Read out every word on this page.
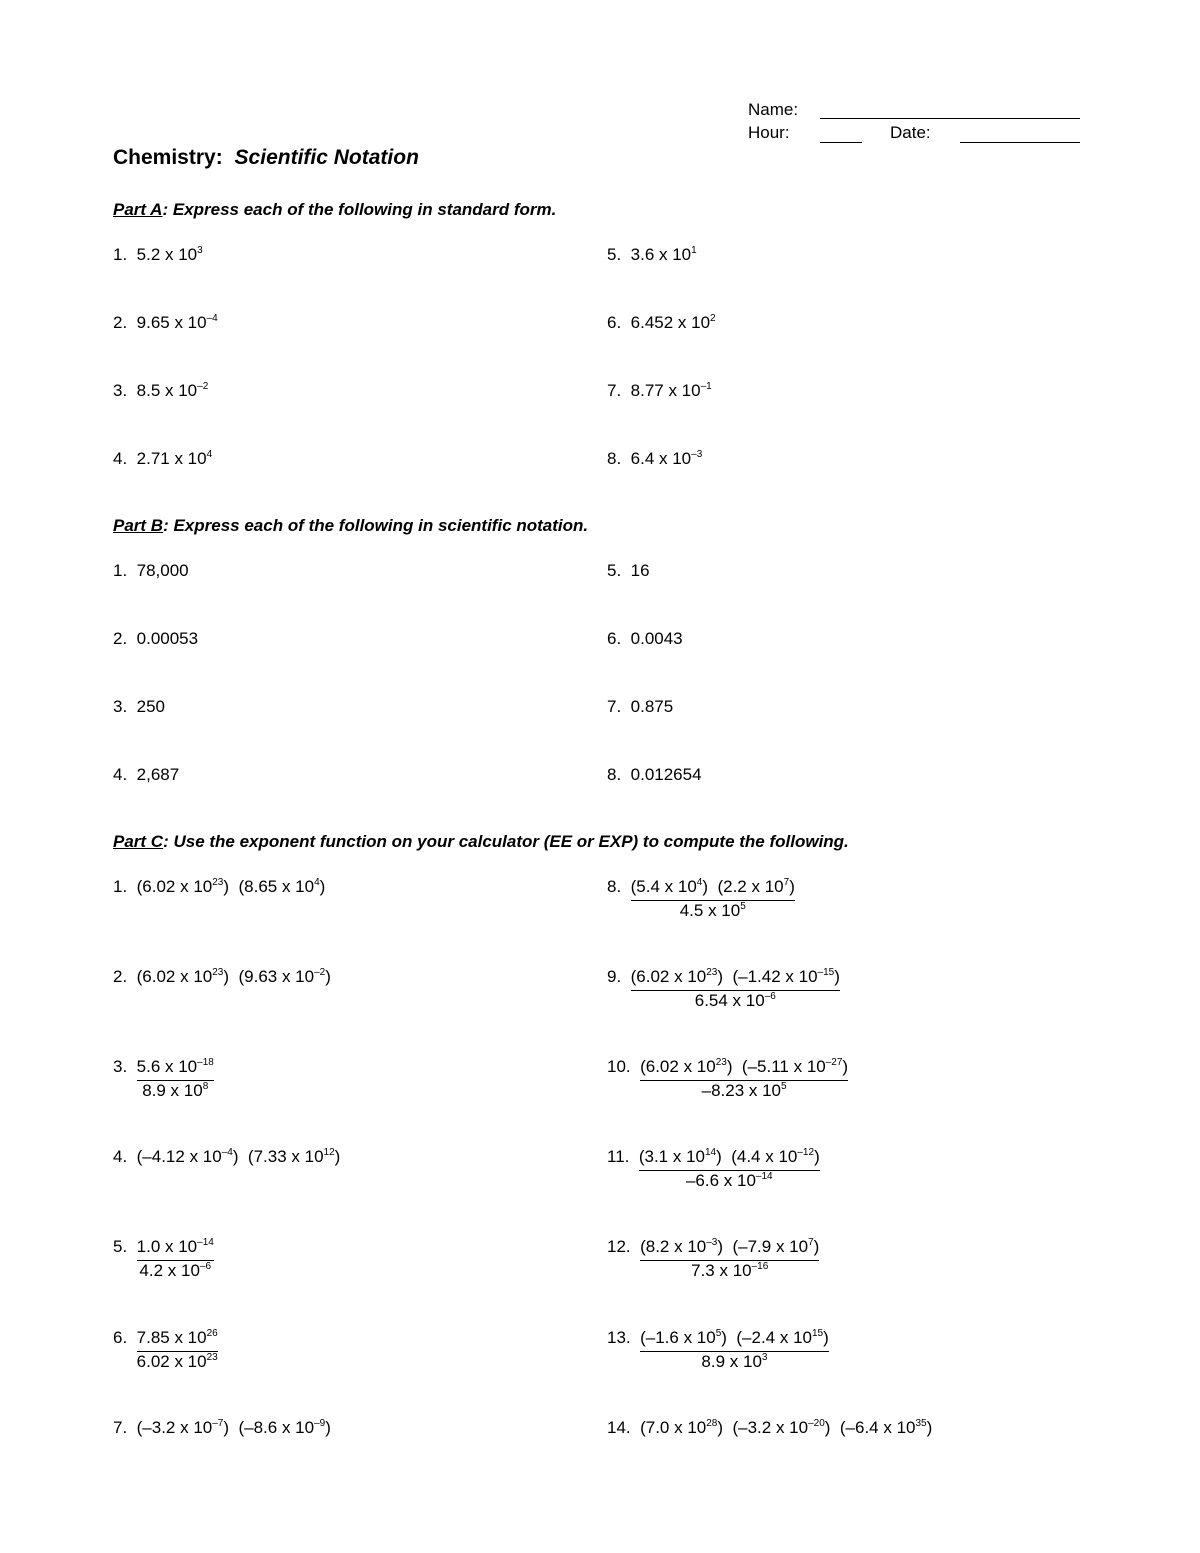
Name:
Hour:	Date:
Chemistry: Scientific Notation
Part A: Express each of the following in standard form.
1. 5.2 x $10^3$
2. 9.65 x $10^{-4}$
3. 8.5 x $10^{-2}$
4. 2.71 x $10^4$
5. 3.6 x $10^1$
6. 6.452 x $10^2$
7. 8.77 x $10^{-1}$
8. 6.4 x $10^{-3}$
Part B: Express each of the following in scientific notation.
1. 78,000
2. 0.00053
3. 250
4. 2,687
5. 16
6. 0.0043
7. 0.875
8. 0.012654
Part C: Use the exponent function on your calculator (EE or EXP) to compute the following.
1. (6.02 x $10^{23}$)  (8.65 x $10^4$)
2. (6.02 x $10^{23}$)  (9.63 x $10^{-2}$)
3. $\frac{5.6 x 10^{-18}}{8.9 x 10^8}$
4. (–4.12 x $10^{-4}$)  (7.33 x $10^{12}$)
5. $\frac{1.0 x 10^{-14}}{4.2 x 10^{-6}}$
6. $\frac{7.85 x 10^{26}}{6.02 x 10^{23}}$
7. (–3.2 x $10^{-7}$)  (–8.6 x $10^{-9}$)
8. $\frac{(5.4 x 10^4) (2.2 x 10^7)}{4.5 x 10^5}$
9. $\frac{(6.02 x 10^{23}) (-1.42 x 10^{-15})}{6.54 x 10^{-6}}$
10. $\frac{(6.02 x 10^{23}) (-5.11 x 10^{-27})}{-8.23 x 10^5}$
11. $\frac{(3.1 x 10^{14}) (4.4 x 10^{-12})}{-6.6 x 10^{-14}}$
12. $\frac{(8.2 x 10^{-3}) (-7.9 x 10^7)}{7.3 x 10^{-16}}$
13. $\frac{(-1.6 x 10^5) (-2.4 x 10^{15})}{8.9 x 10^3}$
14. (7.0 x $10^{28}$)  (–3.2 x $10^{-20}$)  (–6.4 x $10^{35}$)
